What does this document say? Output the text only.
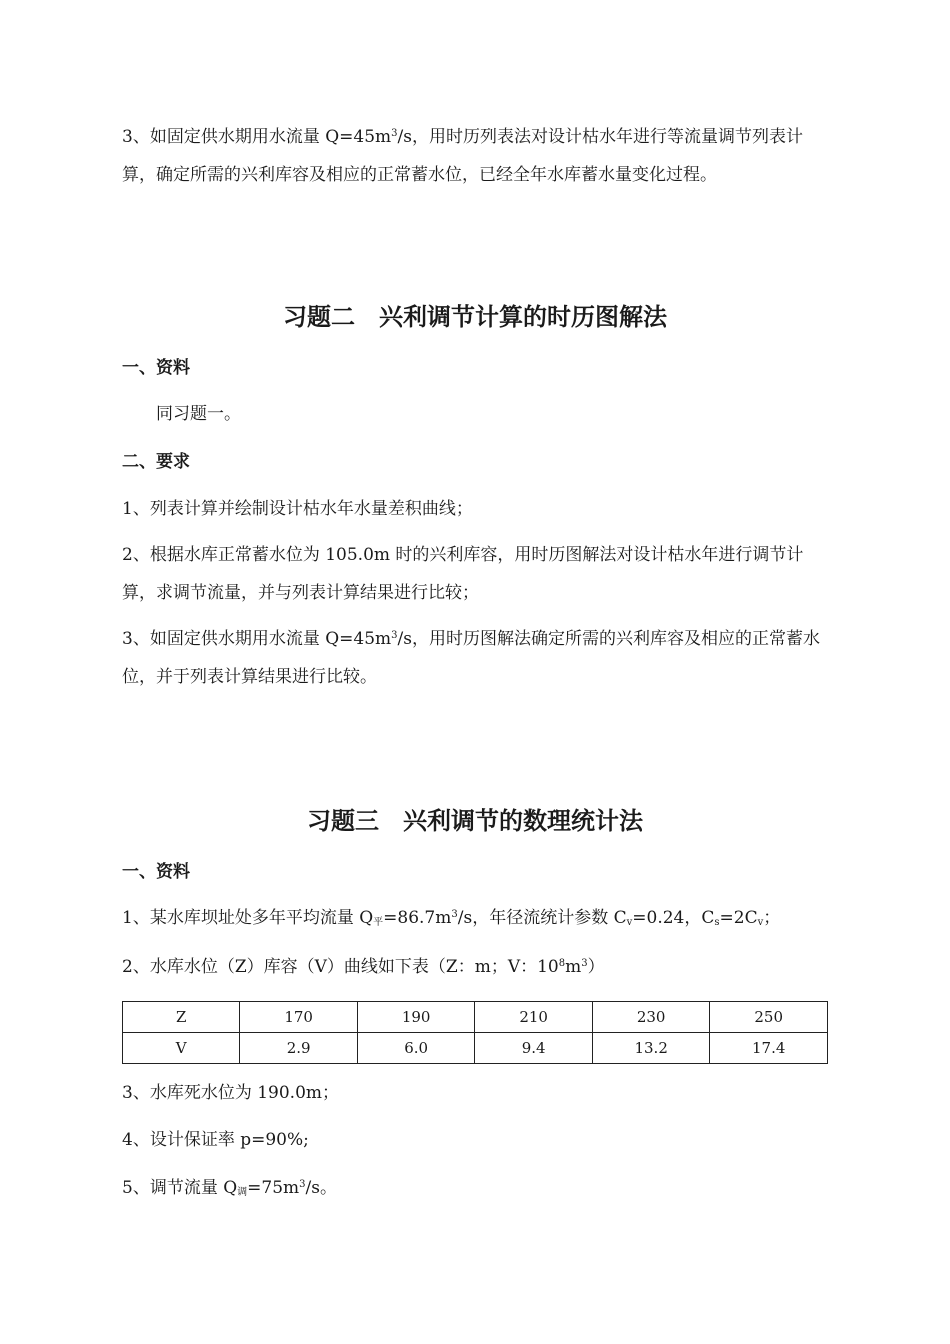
3、如固定供水期用水流量 $Q=45m^3/s$，用时历列表法对设计枯水年进行等流量调节列表计算，确定所需的兴利库容及相应的正常蓄水位，已经全年水库蓄水量变化过程。

习题二　兴利调节计算的时历图解法

一、资料

同习题一。

二、要求

1、列表计算并绘制设计枯水年水量差积曲线；

2、根据水库正常蓄水位为 105.0m 时的兴利库容，用时历图解法对设计枯水年进行调节计算，求调节流量，并与列表计算结果进行比较；

3、如固定供水期用水流量 $Q=45m^3/s$，用时历图解法确定所需的兴利库容及相应的正常蓄水位，并于列表计算结果进行比较。

习题三　兴利调节的数理统计法

一、资料

1、某水库坝址处多年平均流量 $Q_平=86.7m^3/s$，年径流统计参数 $C_v=0.24$，$C_s=2C_v$；

2、水库水位（Z）库容（V）曲线如下表（Z：m；V：$10^8m^3$）

Z	170	190	210	230	250
V	2.9	6.0	9.4	13.2	17.4

3、水库死水位为 190.0m；

4、设计保证率 p=90%;

5、调节流量 $Q_调=75m^3/s$。
